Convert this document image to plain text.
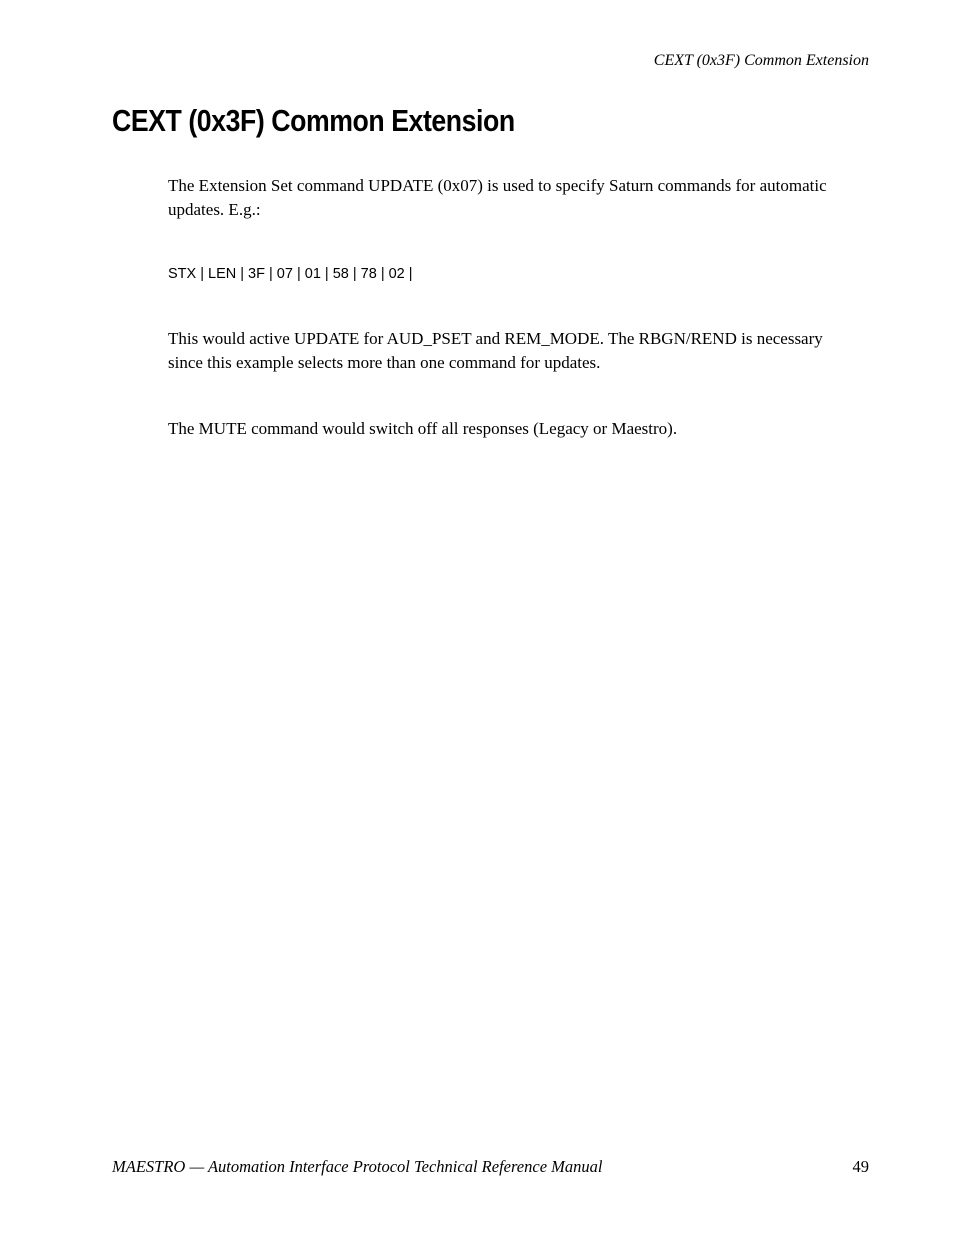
CEXT (0x3F) Common Extension
CEXT (0x3F) Common Extension

The Extension Set command UPDATE (0x07) is used to specify Saturn commands for automatic updates. E.g.:

STX | LEN | 3F | 07 | 01 | 58 | 78 | 02 |

This would active UPDATE for AUD_PSET and REM_MODE. The RBGN/REND is necessary since this example selects more than one command for updates.

The MUTE command would switch off all responses (Legacy or Maestro).

MAESTRO — Automation Interface Protocol Technical Reference Manual	49
